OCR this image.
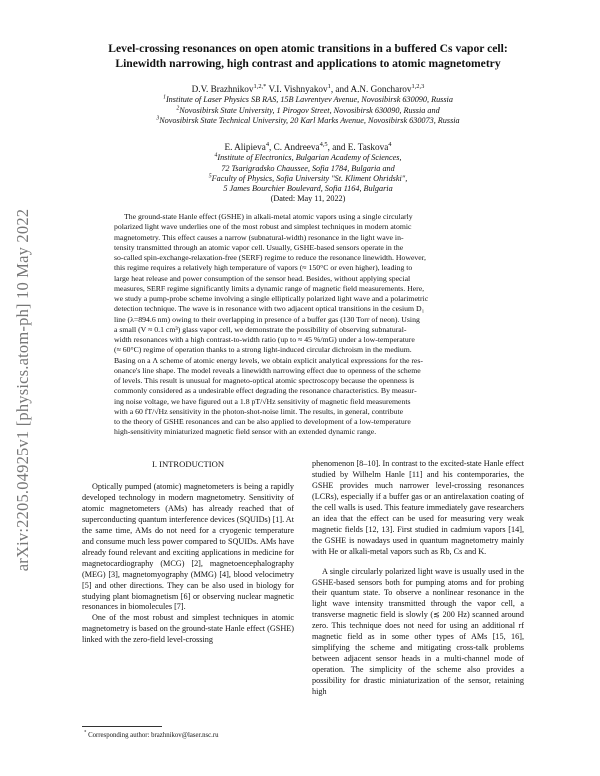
arXiv:2205.04925v1 [physics.atom-ph] 10 May 2022
Level-crossing resonances on open atomic transitions in a buffered Cs vapor cell:
Linewidth narrowing, high contrast and applications to atomic magnetometry
D.V. Brazhnikov$^{1,2,*}$ V.I. Vishnyakov$^1$, and A.N. Goncharov$^{1,2,3}$
$^1$Institute of Laser Physics SB RAS, 15B Lavrentyev Avenue, Novosibirsk 630090, Russia
$^2$Novosibirsk State University, 1 Pirogov Street, Novosibirsk 630090, Russia and
$^3$Novosibirsk State Technical University, 20 Karl Marks Avenue, Novosibirsk 630073, Russia
E. Alipieva$^4$, C. Andreeva$^{4,5}$, and E. Taskova$^4$
$^4$Institute of Electronics, Bulgarian Academy of Sciences,
72 Tsarigradsko Chaussee, Sofia 1784, Bulgaria and
$^5$Faculty of Physics, Sofia University "St. Kliment Ohridski",
5 James Bourchier Boulevard, Sofia 1164, Bulgaria
(Dated: May 11, 2022)

The ground-state Hanle effect (GSHE) in alkali-metal atomic vapors using a single circularly

polarized light wave underlies one of the most robust and simplest techniques in modern atomic

magnetometry. This effect causes a narrow (subnatural-width) resonance in the light wave in-

tensity transmitted through an atomic vapor cell. Usually, GSHE-based sensors operate in the

so-called spin-exchange-relaxation-free (SERF) regime to reduce the resonance linewidth. However,

this regime requires a relatively high temperature of vapors (≈ 150°C or even higher), leading to

large heat release and power consumption of the sensor head. Besides, without applying special

measures, SERF regime significantly limits a dynamic range of magnetic field measurements. Here,

we study a pump-probe scheme involving a single elliptically polarized light wave and a polarimetric

detection technique. The wave is in resonance with two adjacent optical transitions in the cesium D₁

line (λ=894.6 nm) owing to their overlapping in presence of a buffer gas (130 Torr of neon). Using

a small (V ≈ 0.1 cm³) glass vapor cell, we demonstrate the possibility of observing subnatural-

width resonances with a high contrast-to-width ratio (up to ≈ 45 %/mG) under a low-temperature

(≈ 60°C) regime of operation thanks to a strong light-induced circular dichroism in the medium.

Basing on a Λ scheme of atomic energy levels, we obtain explicit analytical expressions for the res-

onance's line shape. The model reveals a linewidth narrowing effect due to openness of the scheme

of levels. This result is unusual for magneto-optical atomic spectroscopy because the openness is

commonly considered as a undesirable effect degrading the resonance characteristics. By measur-

ing noise voltage, we have figured out a 1.8 pT/√Hz sensitivity of magnetic field measurements

with a 60 fT/√Hz sensitivity in the photon-shot-noise limit. The results, in general, contribute

to the theory of GSHE resonances and can be also applied to development of a low-temperature

high-sensitivity miniaturized magnetic field sensor with an extended dynamic range.

I. INTRODUCTION

Optically pumped (atomic) magnetometers is being a rapidly developed technology in modern magnetometry. Sensitivity of atomic magnetometers (AMs) has already reached that of superconducting quantum interference devices (SQUIDs) [1]. At the same time, AMs do not need for a cryogenic temperature and consume much less power compared to SQUIDs. AMs have already found relevant and exciting applications in medicine for magnetocardiography (MCG) [2], magnetoencephalography (MEG) [3], magnetomyography (MMG) [4], blood velocimetry [5] and other directions. They can be also used in biology for studying plant biomagnetism [6] or observing nuclear magnetic resonances in biomolecules [7].

One of the most robust and simplest techniques in atomic magnetometry is based on the ground-state Hanle effect (GSHE) linked with the zero-field level-crossing

phenomenon [8–10]. In contrast to the excited-state Hanle effect studied by Wilhelm Hanle [11] and his contemporaries, the GSHE provides much narrower level-crossing resonances (LCRs), especially if a buffer gas or an antirelaxation coating of the cell walls is used. This feature immediately gave researchers an idea that the effect can be used for measuring very weak magnetic fields [12, 13]. First studied in cadmium vapors [14], the GSHE is nowadays used in quantum magnetometry mainly with He or alkali-metal vapors such as Rb, Cs and K.

A single circularly polarized light wave is usually used in the GSHE-based sensors both for pumping atoms and for probing their quantum state. To observe a nonlinear resonance in the light wave intensity transmitted through the vapor cell, a transverse magnetic field is slowly (≲ 200 Hz) scanned around zero. This technique does not need for using an additional rf magnetic field as in some other types of AMs [15, 16], simplifying the scheme and mitigating cross-talk problems between adjacent sensor heads in a multi-channel mode of operation. The simplicity of the scheme also provides a possibility for drastic miniaturization of the sensor, retaining high

* Corresponding author: brazhnikov@laser.nsc.ru
